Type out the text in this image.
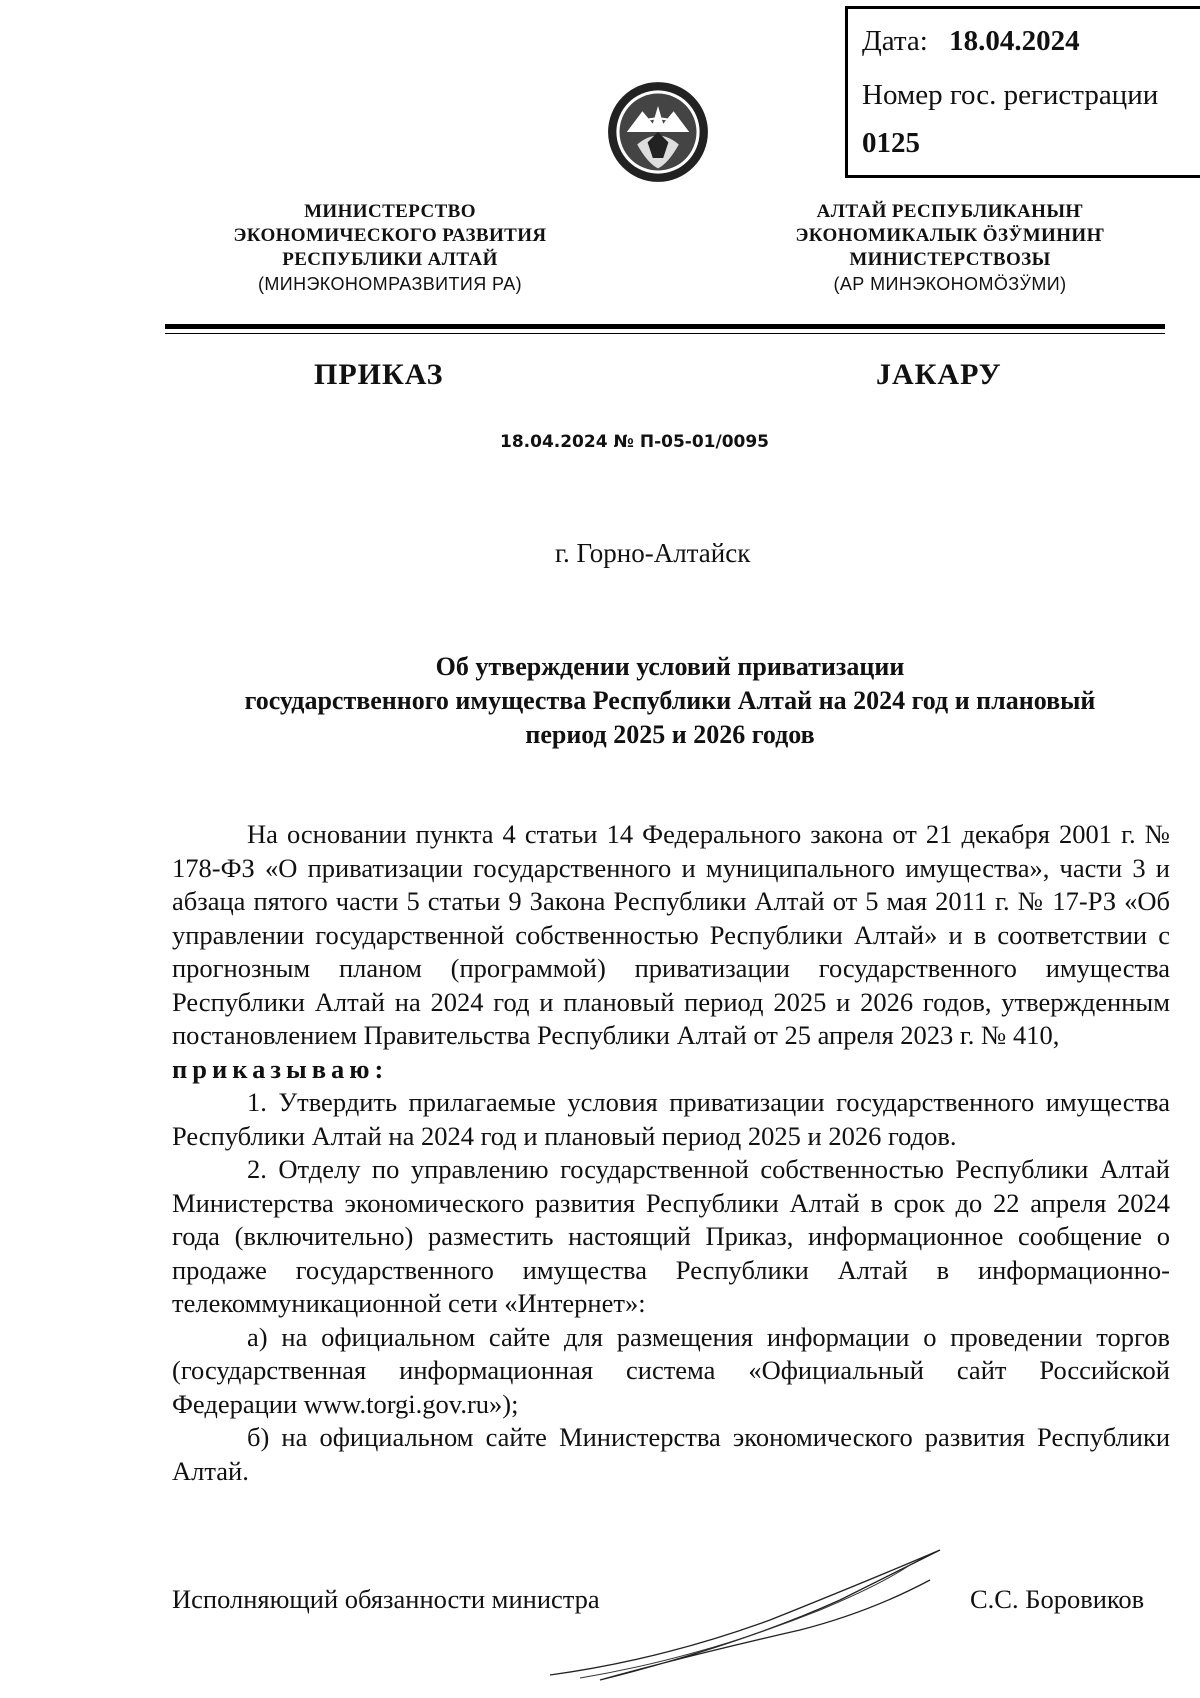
Дата: 18.04.2024
Номер гос. регистрации
0125
МИНИСТЕРСТВО
ЭКОНОМИЧЕСКОГО РАЗВИТИЯ
РЕСПУБЛИКИ АЛТАЙ
(МИНЭКОНОМРАЗВИТИЯ РА)
АЛТАЙ РЕСПУБЛИКАНЫҤ
ЭКОНОМИКАЛЫК ÖЗӰМИНИҤ
МИНИСТЕРСТВОЗЫ
(АР МИНЭКОНОМÖЗӰМИ)
ПРИКАЗ	JАКАРУ
18.04.2024 № П-05-01/0095
г. Горно-Алтайск
Об утверждении условий приватизации
государственного имущества Республики Алтай на 2024 год и плановый
период 2025 и 2026 годов

На основании пункта 4 статьи 14 Федерального закона от 21 декабря 2001 г. № 178-ФЗ «О приватизации государственного и муниципального имущества», части 3 и абзаца пятого части 5 статьи 9 Закона Республики Алтай от 5 мая 2011 г. № 17-РЗ «Об управлении государственной собственностью Республики Алтай» и в соответствии с прогнозным планом (программой) приватизации государственного имущества Республики Алтай на 2024 год и плановый период 2025 и 2026 годов, утвержденным постановлением Правительства Республики Алтай от 25 апреля 2023 г. № 410,

приказываю:

1. Утвердить прилагаемые условия приватизации государственного имущества Республики Алтай на 2024 год и плановый период 2025 и 2026 годов.

2. Отделу по управлению государственной собственностью Республики Алтай Министерства экономического развития Республики Алтай в срок до 22 апреля 2024 года (включительно) разместить настоящий Приказ, информационное сообщение о продаже государственного имущества Республики Алтай в информационно-телекоммуникационной сети «Интернет»:

а) на официальном сайте для размещения информации о проведении торгов (государственная информационная система «Официальный сайт Российской Федерации www.torgi.gov.ru»);

б) на официальном сайте Министерства экономического развития Республики Алтай.

Исполняющий обязанности министра	С.С. Боровиков
